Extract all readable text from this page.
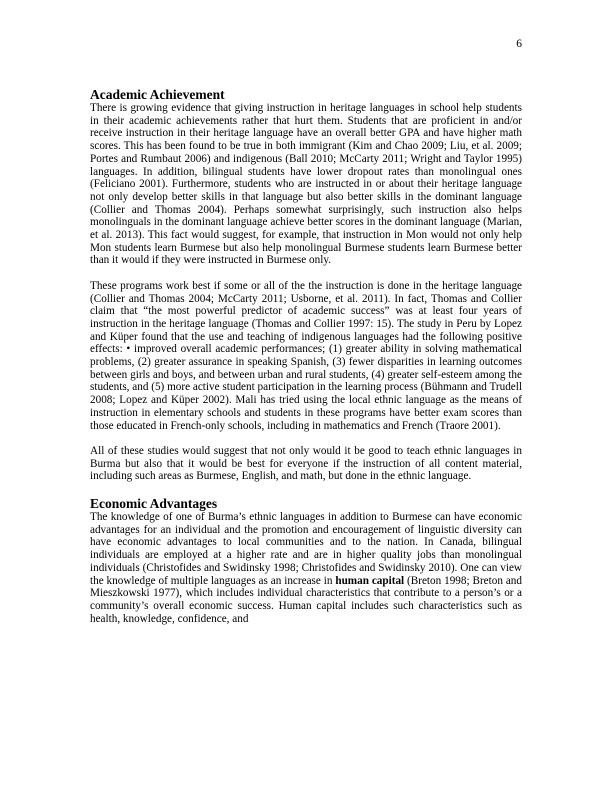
6
Academic Achievement

There is growing evidence that giving instruction in heritage languages in school help students in their academic achievements rather that hurt them. Students that are proficient in and/or receive instruction in their heritage language have an overall better GPA and have higher math scores. This has been found to be true in both immigrant (Kim and Chao 2009; Liu, et al. 2009; Portes and Rumbaut 2006) and indigenous (Ball 2010; McCarty 2011; Wright and Taylor 1995) languages. In addition, bilingual students have lower dropout rates than monolingual ones (Feliciano 2001). Furthermore, students who are instructed in or about their heritage language not only develop better skills in that language but also better skills in the dominant language (Collier and Thomas 2004). Perhaps somewhat surprisingly, such instruction also helps monolinguals in the dominant language achieve better scores in the dominant language (Marian, et al. 2013). This fact would suggest, for example, that instruction in Mon would not only help Mon students learn Burmese but also help monolingual Burmese students learn Burmese better than it would if they were instructed in Burmese only.

These programs work best if some or all of the the instruction is done in the heritage language (Collier and Thomas 2004; McCarty 2011; Usborne, et al. 2011). In fact, Thomas and Collier claim that “the most powerful predictor of academic success” was at least four years of instruction in the heritage language (Thomas and Collier 1997: 15). The study in Peru by Lopez and Küper found that the use and teaching of indigenous languages had the following positive effects: • improved overall academic performances; (1) greater ability in solving mathematical problems, (2) greater assurance in speaking Spanish, (3) fewer disparities in learning outcomes between girls and boys, and between urban and rural students, (4) greater self-esteem among the students, and (5) more active student participation in the learning process (Bühmann and Trudell 2008; Lopez and Küper 2002). Mali has tried using the local ethnic language as the means of instruction in elementary schools and students in these programs have better exam scores than those educated in French-only schools, including in mathematics and French (Traore 2001).

All of these studies would suggest that not only would it be good to teach ethnic languages in Burma but also that it would be best for everyone if the instruction of all content material, including such areas as Burmese, English, and math, but done in the ethnic language.

Economic Advantages

The knowledge of one of Burma’s ethnic languages in addition to Burmese can have economic advantages for an individual and the promotion and encouragement of linguistic diversity can have economic advantages to local communities and to the nation. In Canada, bilingual individuals are employed at a higher rate and are in higher quality jobs than monolingual individuals (Christofides and Swidinsky 1998; Christofides and Swidinsky 2010). One can view the knowledge of multiple languages as an increase in human capital (Breton 1998; Breton and Mieszkowski 1977), which includes individual characteristics that contribute to a person’s or a community’s overall economic success. Human capital includes such characteristics such as health, knowledge, confidence, and
